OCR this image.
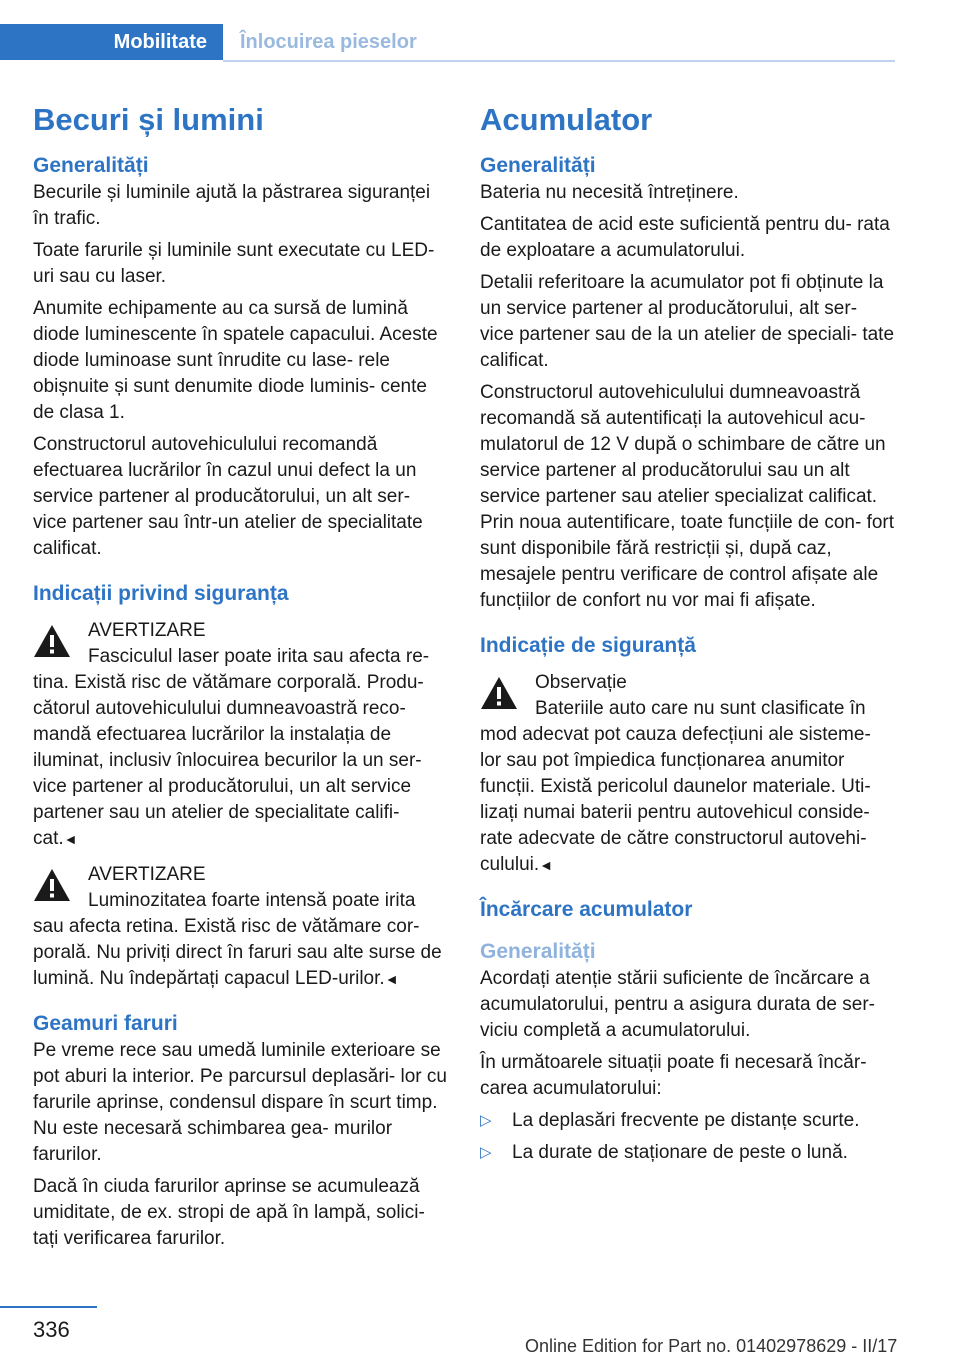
Mobilitate	Înlocuirea pieselor
Becuri și lumini
Generalități

Becurile și luminile ajută la păstrarea siguranței în trafic.

Toate farurile și luminile sunt executate cu LED-uri sau cu laser.

Anumite echipamente au ca sursă de lumină diode luminescente în spatele capacului. Aceste diode luminoase sunt înrudite cu lase- rele obișnuite și sunt denumite diode luminis- cente de clasa 1.

Constructorul autovehiculului recomandă efectuarea lucrărilor în cazul unui defect la un service partener al producătorului, un alt ser- vice partener sau într-un atelier de specialitate calificat.

Indicații privind siguranța
AVERTIZARE

Fasciculul laser poate irita sau afecta re- tina. Există risc de vătămare corporală. Produ- cătorul autovehiculului dumneavoastră reco- mandă efectuarea lucrărilor la instalația de iluminat, inclusiv înlocuirea becurilor la un ser- vice partener al producătorului, un alt service partener sau un atelier de specialitate califi- cat.◄

AVERTIZARE

Luminozitatea foarte intensă poate irita sau afecta retina. Există risc de vătămare cor- porală. Nu priviți direct în faruri sau alte surse de lumină. Nu îndepărtați capacul LED-urilor.◄

Geamuri faruri

Pe vreme rece sau umedă luminile exterioare se pot aburi la interior. Pe parcursul deplasări- lor cu farurile aprinse, condensul dispare în scurt timp. Nu este necesară schimbarea gea- murilor farurilor.

Dacă în ciuda farurilor aprinse se acumulează umiditate, de ex. stropi de apă în lampă, solici- tați verificarea farurilor.

Acumulator
Generalități

Bateria nu necesită întreținere.

Cantitatea de acid este suficientă pentru du- rata de exploatare a acumulatorului.

Detalii referitoare la acumulator pot fi obținute la un service partener al producătorului, alt ser- vice partener sau de la un atelier de speciali- tate calificat.

Constructorul autovehiculului dumneavoastră recomandă să autentificați la autovehicul acu- mulatorul de 12 V după o schimbare de către un service partener al producătorului sau un alt service partener sau atelier specializat calificat. Prin noua autentificare, toate funcțiile de con- fort sunt disponibile fără restricții și, după caz, mesajele pentru verificare de control afișate ale funcțiilor de confort nu vor mai fi afișate.

Indicație de siguranță
Observație

Bateriile auto care nu sunt clasificate în mod adecvat pot cauza defecțiuni ale sisteme- lor sau pot împiedica funcționarea anumitor funcții. Există pericolul daunelor materiale. Uti- lizați numai baterii pentru autovehicul conside- rate adecvate de către constructorul autovehi- culului.◄

Încărcare acumulator
Generalități

Acordați atenție stării suficiente de încărcare a acumulatorului, pentru a asigura durata de ser- viciu completă a acumulatorului.

În următoarele situații poate fi necesară încăr- carea acumulatorului:

▷ La deplasări frecvente pe distanțe scurte.
▷ La durate de staționare de peste o lună.
336
Online Edition for Part no. 01402978629 - II/17
